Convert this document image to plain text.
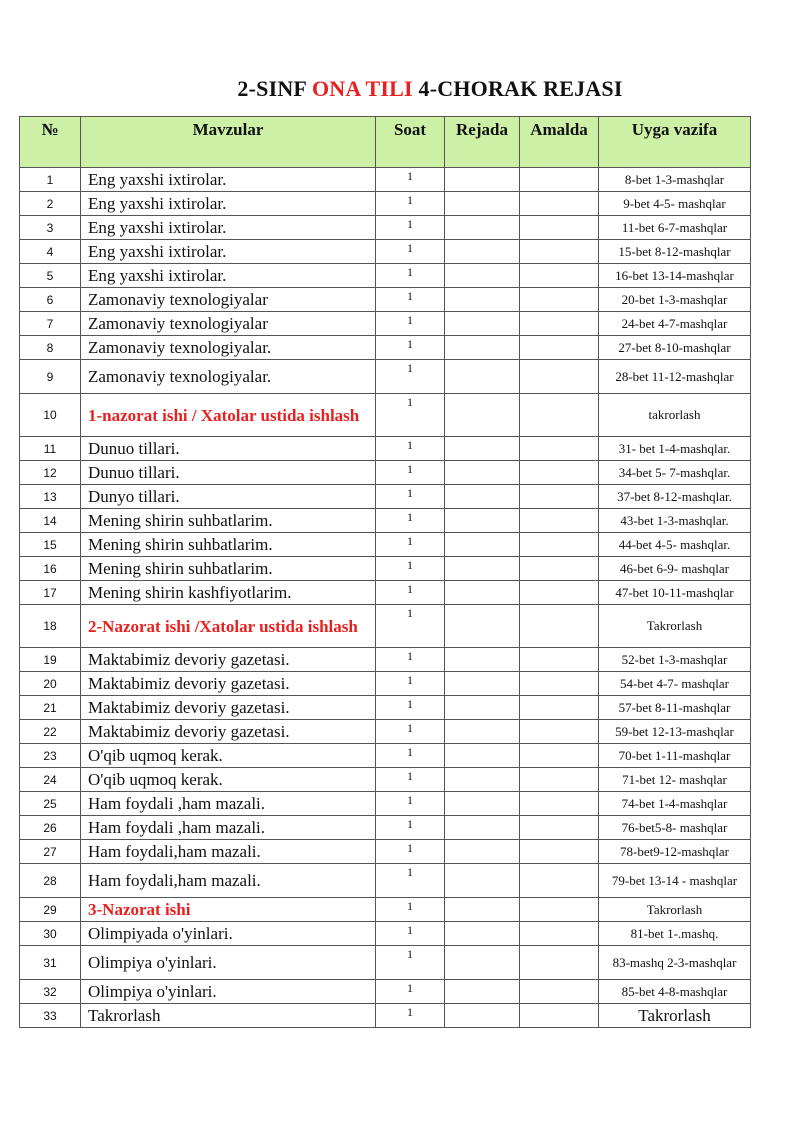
2-SINF ONA TILI 4-CHORAK REJASI
№	Mavzular	Soat	Rejada	Amalda	Uyga vazifa
1	Eng yaxshi ixtirolar.	1			8-bet 1-3-mashqlar
2	Eng yaxshi ixtirolar.	1			9-bet 4-5- mashqlar
3	Eng yaxshi ixtirolar.	1			11-bet 6-7-mashqlar
4	Eng yaxshi ixtirolar.	1			15-bet 8-12-mashqlar
5	Eng yaxshi ixtirolar.	1			16-bet 13-14-mashqlar
6	Zamonaviy texnologiyalar	1			20-bet 1-3-mashqlar
7	Zamonaviy texnologiyalar	1			24-bet 4-7-mashqlar
8	Zamonaviy texnologiyalar.	1			27-bet 8-10-mashqlar
9	Zamonaviy texnologiyalar.	1			28-bet 11-12-mashqlar
10	1-nazorat ishi / Xatolar ustida ishlash	1			takrorlash
11	Dunuo tillari.	1			31- bet 1-4-mashqlar.
12	Dunuo tillari.	1			34-bet 5- 7-mashqlar.
13	Dunyo tillari.	1			37-bet 8-12-mashqlar.
14	Mening shirin suhbatlarim.	1			43-bet 1-3-mashqlar.
15	Mening shirin suhbatlarim.	1			44-bet 4-5- mashqlar.
16	Mening shirin suhbatlarim.	1			46-bet 6-9- mashqlar
17	Mening shirin kashfiyotlarim.	1			47-bet 10-11-mashqlar
18	2-Nazorat ishi /Xatolar ustida ishlash	1			Takrorlash
19	Maktabimiz devoriy gazetasi.	1			52-bet 1-3-mashqlar
20	Maktabimiz devoriy gazetasi.	1			54-bet 4-7- mashqlar
21	Maktabimiz devoriy gazetasi.	1			57-bet 8-11-mashqlar
22	Maktabimiz devoriy gazetasi.	1			59-bet 12-13-mashqlar
23	O'qib uqmoq kerak.	1			70-bet 1-11-mashqlar
24	O'qib uqmoq kerak.	1			71-bet 12- mashqlar
25	Ham foydali ,ham mazali.	1			74-bet 1-4-mashqlar
26	Ham foydali ,ham mazali.	1			76-bet5-8- mashqlar
27	Ham foydali,ham mazali.	1			78-bet9-12-mashqlar
28	Ham foydali,ham mazali.	1			79-bet 13-14 - mashqlar
29	3-Nazorat ishi	1			Takrorlash
30	Olimpiyada o'yinlari.	1			81-bet 1-.mashq.
31	Olimpiya o'yinlari.	1			83-mashq 2-3-mashqlar
32	Olimpiya o'yinlari.	1			85-bet 4-8-mashqlar
33	Takrorlash	1			Takrorlash
